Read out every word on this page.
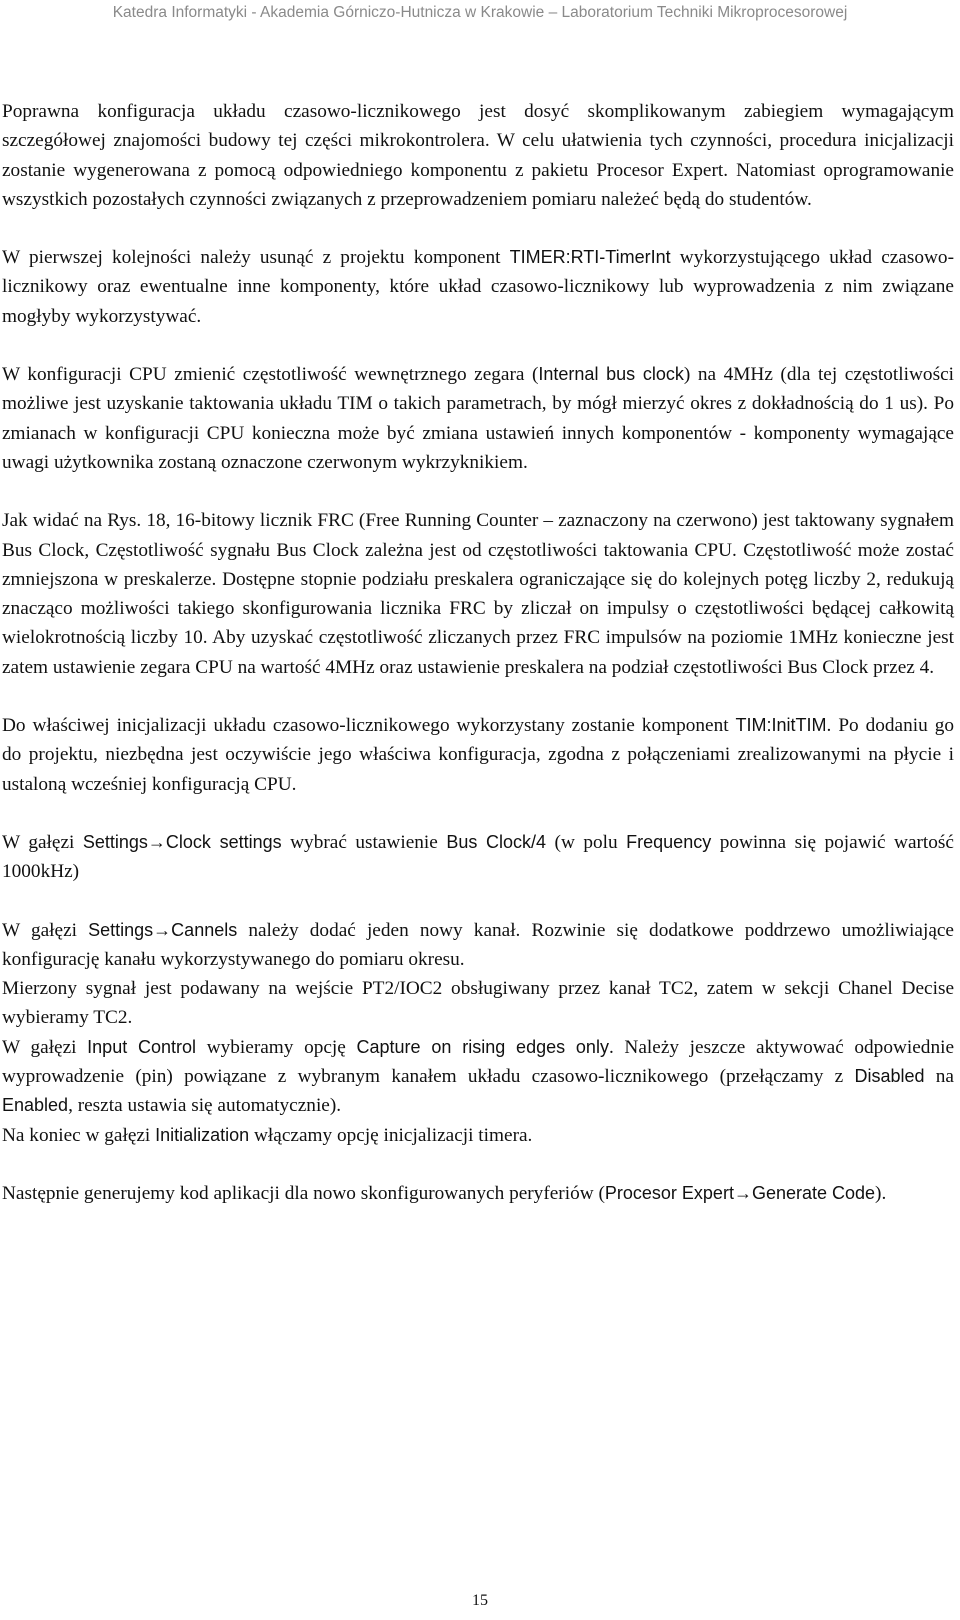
Katedra Informatyki - Akademia Górniczo-Hutnicza w Krakowie – Laboratorium Techniki Mikroprocesorowej

Poprawna konfiguracja układu czasowo-licznikowego jest dosyć skomplikowanym zabiegiem wymagającym szczegółowej znajomości budowy tej części mikrokontrolera. W celu ułatwienia tych czynności, procedura inicjalizacji zostanie wygenerowana z pomocą odpowiedniego komponentu z pakietu Procesor Expert. Natomiast oprogramowanie wszystkich pozostałych czynności związanych z przeprowadzeniem pomiaru należeć będą do studentów.

W pierwszej kolejności należy usunąć z projektu komponent TIMER:RTI-TimerInt wykorzystującego układ czasowo-licznikowy oraz ewentualne inne komponenty, które układ czasowo-licznikowy lub wyprowadzenia z nim związane mogłyby wykorzystywać.

W konfiguracji CPU zmienić częstotliwość wewnętrznego zegara (Internal bus clock) na 4MHz (dla tej częstotliwości możliwe jest uzyskanie taktowania układu TIM o takich parametrach, by mógł mierzyć okres z dokładnością do 1 us). Po zmianach w konfiguracji CPU konieczna może być zmiana ustawień innych komponentów - komponenty wymagające uwagi użytkownika zostaną oznaczone czerwonym wykrzyknikiem.

Jak widać na Rys. 18, 16-bitowy licznik FRC (Free Running Counter – zaznaczony na czerwono) jest taktowany sygnałem Bus Clock, Częstotliwość sygnału Bus Clock zależna jest od częstotliwości taktowania CPU. Częstotliwość może zostać zmniejszona w preskalerze. Dostępne stopnie podziału preskalera ograniczające się do kolejnych potęg liczby 2, redukują znacząco możliwości takiego skonfigurowania licznika FRC by zliczał on impulsy o częstotliwości będącej całkowitą wielokrotnością liczby 10. Aby uzyskać częstotliwość zliczanych przez FRC impulsów na poziomie 1MHz konieczne jest zatem ustawienie zegara CPU na wartość 4MHz oraz ustawienie preskalera na podział częstotliwości Bus Clock przez 4.

Do właściwej inicjalizacji układu czasowo-licznikowego wykorzystany zostanie komponent TIM:InitTIM. Po dodaniu go do projektu, niezbędna jest oczywiście jego właściwa konfiguracja, zgodna z połączeniami zrealizowanymi na płycie i ustaloną wcześniej konfiguracją CPU.

W gałęzi Settings→Clock settings wybrać ustawienie Bus Clock/4 (w polu Frequency powinna się pojawić wartość 1000kHz)

W gałęzi Settings→Cannels należy dodać jeden nowy kanał. Rozwinie się dodatkowe poddrzewo umożliwiające konfigurację kanału wykorzystywanego do pomiaru okresu.

Mierzony sygnał jest podawany na wejście PT2/IOC2 obsługiwany przez kanał TC2, zatem w sekcji Chanel Decise wybieramy TC2.

W gałęzi Input Control wybieramy opcję Capture on rising edges only. Należy jeszcze aktywować odpowiednie wyprowadzenie (pin) powiązane z wybranym kanałem układu czasowo-licznikowego (przełączamy z Disabled na Enabled, reszta ustawia się automatycznie).

Na koniec w gałęzi Initialization włączamy opcję inicjalizacji timera.

Następnie generujemy kod aplikacji dla nowo skonfigurowanych peryferiów (Procesor Expert→Generate Code).

15
